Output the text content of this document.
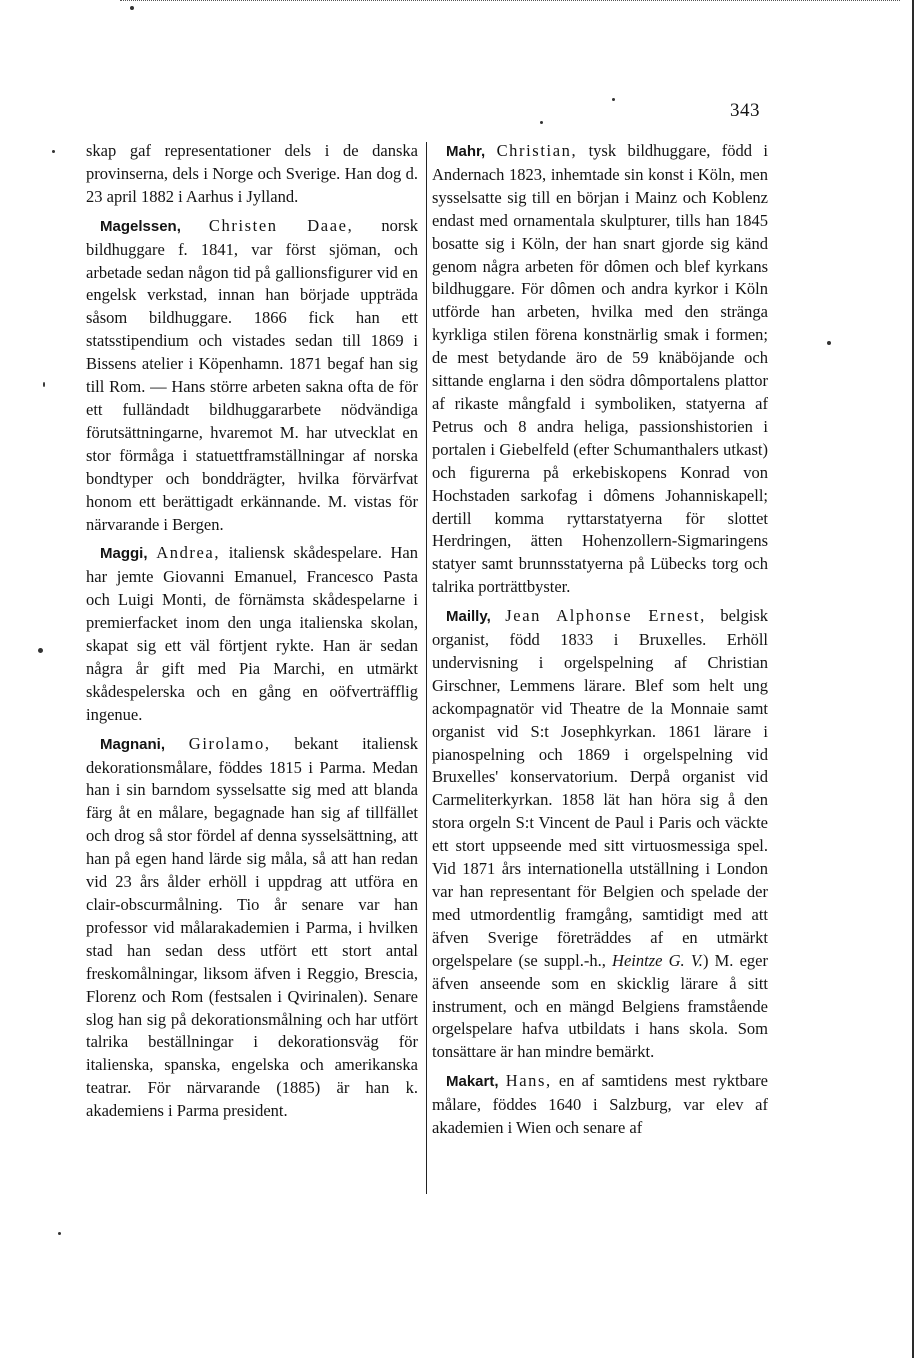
343

skap gaf representationer dels i de danska provinserna, dels i Norge och Sverige. Han dog d. 23 april 1882 i Aarhus i Jylland.

Magelssen, Christen Daae, norsk bildhuggare f. 1841, var först sjöman, och arbetade sedan någon tid på gallionsfigurer vid en engelsk verkstad, innan han började uppträda såsom bildhuggare. 1866 fick han ett statsstipendium och vistades sedan till 1869 i Bissens atelier i Köpenhamn. 1871 begaf han sig till Rom. — Hans större arbeten sakna ofta de för ett fulländadt bildhuggararbete nödvändiga förutsättningarne, hvaremot M. har utvecklat en stor förmåga i statuettframställningar af norska bondtyper och bonddrägter, hvilka förvärfvat honom ett berättigadt erkännande. M. vistas för närvarande i Bergen.

Maggi, Andrea, italiensk skådespelare. Han har jemte Giovanni Emanuel, Francesco Pasta och Luigi Monti, de förnämsta skådespelarne i premierfacket inom den unga italienska skolan, skapat sig ett väl förtjent rykte. Han är sedan några år gift med Pia Marchi, en utmärkt skådespelerska och en gång en oöfverträfflig ingenue.

Magnani, Girolamo, bekant italiensk dekorationsmålare, föddes 1815 i Parma. Medan han i sin barndom sysselsatte sig med att blanda färg åt en målare, begagnade han sig af tillfället och drog så stor fördel af denna sysselsättning, att han på egen hand lärde sig måla, så att han redan vid 23 års ålder erhöll i uppdrag att utföra en clair-obscurmålning. Tio år senare var han professor vid målarakademien i Parma, i hvilken stad han sedan dess utfört ett stort antal freskomålningar, liksom äfven i Reggio, Brescia, Florenz och Rom (festsalen i Qvirinalen). Senare slog han sig på dekorationsmålning och har utfört talrika beställningar i dekorationsväg för italienska, spanska, engelska och amerikanska teatrar. För närvarande (1885) är han k. akademiens i Parma president.

Mahr, Christian, tysk bildhuggare, född i Andernach 1823, inhemtade sin konst i Köln, men sysselsatte sig till en början i Mainz och Koblenz endast med ornamentala skulpturer, tills han 1845 bosatte sig i Köln, der han snart gjorde sig känd genom några arbeten för dômen och blef kyrkans bildhuggare. För dômen och andra kyrkor i Köln utförde han arbeten, hvilka med den stränga kyrkliga stilen förena konstnärlig smak i formen; de mest betydande äro de 59 knäböjande och sittande englarna i den södra dômportalens plattor af rikaste mångfald i symboliken, statyerna af Petrus och 8 andra heliga, passionshistorien i portalen i Giebelfeld (efter Schumanthalers utkast) och figurerna på erkebiskopens Konrad von Hochstaden sarkofag i dômens Johanniskapell; dertill komma ryttarstatyerna för slottet Herdringen, ätten Hohenzollern-Sigmaringens statyer samt brunnsstatyerna på Lübecks torg och talrika porträttbyster.

Mailly, Jean Alphonse Ernest, belgisk organist, född 1833 i Bruxelles. Erhöll undervisning i orgelspelning af Christian Girschner, Lemmens lärare. Blef som helt ung ackompagnatör vid Theatre de la Monnaie samt organist vid S:t Josephkyrkan. 1861 lärare i pianospelning och 1869 i orgelspelning vid Bruxelles' konservatorium. Derpå organist vid Carmeliterkyrkan. 1858 lät han höra sig å den stora orgeln S:t Vincent de Paul i Paris och väckte ett stort uppseende med sitt virtuosmessiga spel. Vid 1871 års internationella utställning i London var han representant för Belgien och spelade der med utmordentlig framgång, samtidigt med att äfven Sverige företräddes af en utmärkt orgelspelare (se suppl.-h., Heintze G. V.) M. eger äfven anseende som en skicklig lärare å sitt instrument, och en mängd Belgiens framstående orgelspelare hafva utbildats i hans skola. Som tonsättare är han mindre bemärkt.

Makart, Hans, en af samtidens mest ryktbare målare, föddes 1640 i Salzburg, var elev af akademien i Wien och senare af
